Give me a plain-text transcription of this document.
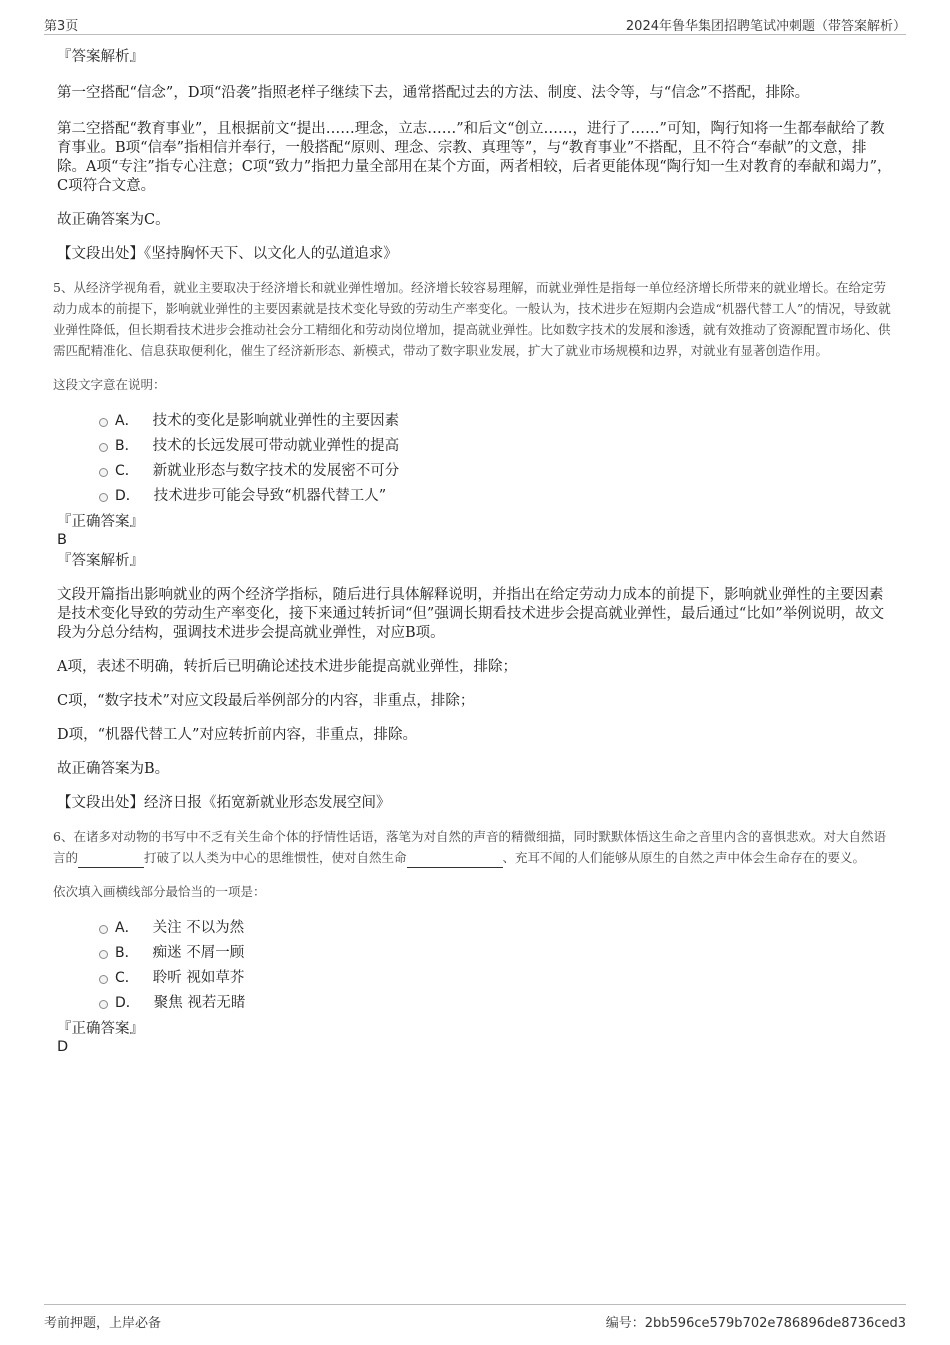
第3页	2024年鲁华集团招聘笔试冲刺题（带答案解析）

『答案解析』

第一空搭配“信念”，D项“沿袭”指照老样子继续下去，通常搭配过去的方法、制度、法令等，与“信念”不搭配，排除。

第二空搭配“教育事业”，且根据前文“提出……理念，立志……”和后文“创立……，进行了……”可知，陶行知将一生都奉献给了教育事业。B项“信奉”指相信并奉行，一般搭配“原则、理念、宗教、真理等”，与“教育事业”不搭配，且不符合“奉献”的文意，排除。A项“专注”指专心注意；C项“致力”指把力量全部用在某个方面，两者相较，后者更能体现“陶行知一生对教育的奉献和竭力”，C项符合文意。

故正确答案为C。

【文段出处】《坚持胸怀天下、以文化人的弘道追求》

5、从经济学视角看，就业主要取决于经济增长和就业弹性增加。经济增长较容易理解，而就业弹性是指每一单位经济增长所带来的就业增长。在给定劳动力成本的前提下，影响就业弹性的主要因素就是技术变化导致的劳动生产率变化。一般认为，技术进步在短期内会造成“机器代替工人”的情况，导致就业弹性降低，但长期看技术进步会推动社会分工精细化和劳动岗位增加，提高就业弹性。比如数字技术的发展和渗透，就有效推动了资源配置市场化、供需匹配精准化、信息获取便利化，催生了经济新形态、新模式，带动了数字职业发展，扩大了就业市场规模和边界，对就业有显著创造作用。

这段文字意在说明：

A． 技术的变化是影响就业弹性的主要因素
B． 技术的长远发展可带动就业弹性的提高
C． 新就业形态与数字技术的发展密不可分
D． 技术进步可能会导致“机器代替工人”

『正确答案』

B

『答案解析』

文段开篇指出影响就业的两个经济学指标，随后进行具体解释说明，并指出在给定劳动力成本的前提下，影响就业弹性的主要因素是技术变化导致的劳动生产率变化，接下来通过转折词“但”强调长期看技术进步会提高就业弹性，最后通过“比如”举例说明，故文段为分总分结构，强调技术进步会提高就业弹性，对应B项。

A项，表述不明确，转折后已明确论述技术进步能提高就业弹性，排除；

C项，“数字技术”对应文段最后举例部分的内容，非重点，排除；

D项，“机器代替工人”对应转折前内容，非重点，排除。

故正确答案为B。

【文段出处】经济日报《拓宽新就业形态发展空间》

6、在诸多对动物的书写中不乏有关生命个体的抒情性话语，落笔为对自然的声音的精微细描，同时默默体悟这生命之音里内含的喜惧悲欢。对大自然语言的	打破了以人类为中心的思维惯性，使对自然生命	、充耳不闻的人们能够从原生的自然之声中体会生命存在的要义。

依次填入画横线部分最恰当的一项是：

A． 关注 不以为然
B． 痴迷 不屑一顾
C． 聆听 视如草芥
D． 聚焦 视若无睹

『正确答案』

D

考前押题，上岸必备	编号：2bb596ce579b702e786896de8736ced3
